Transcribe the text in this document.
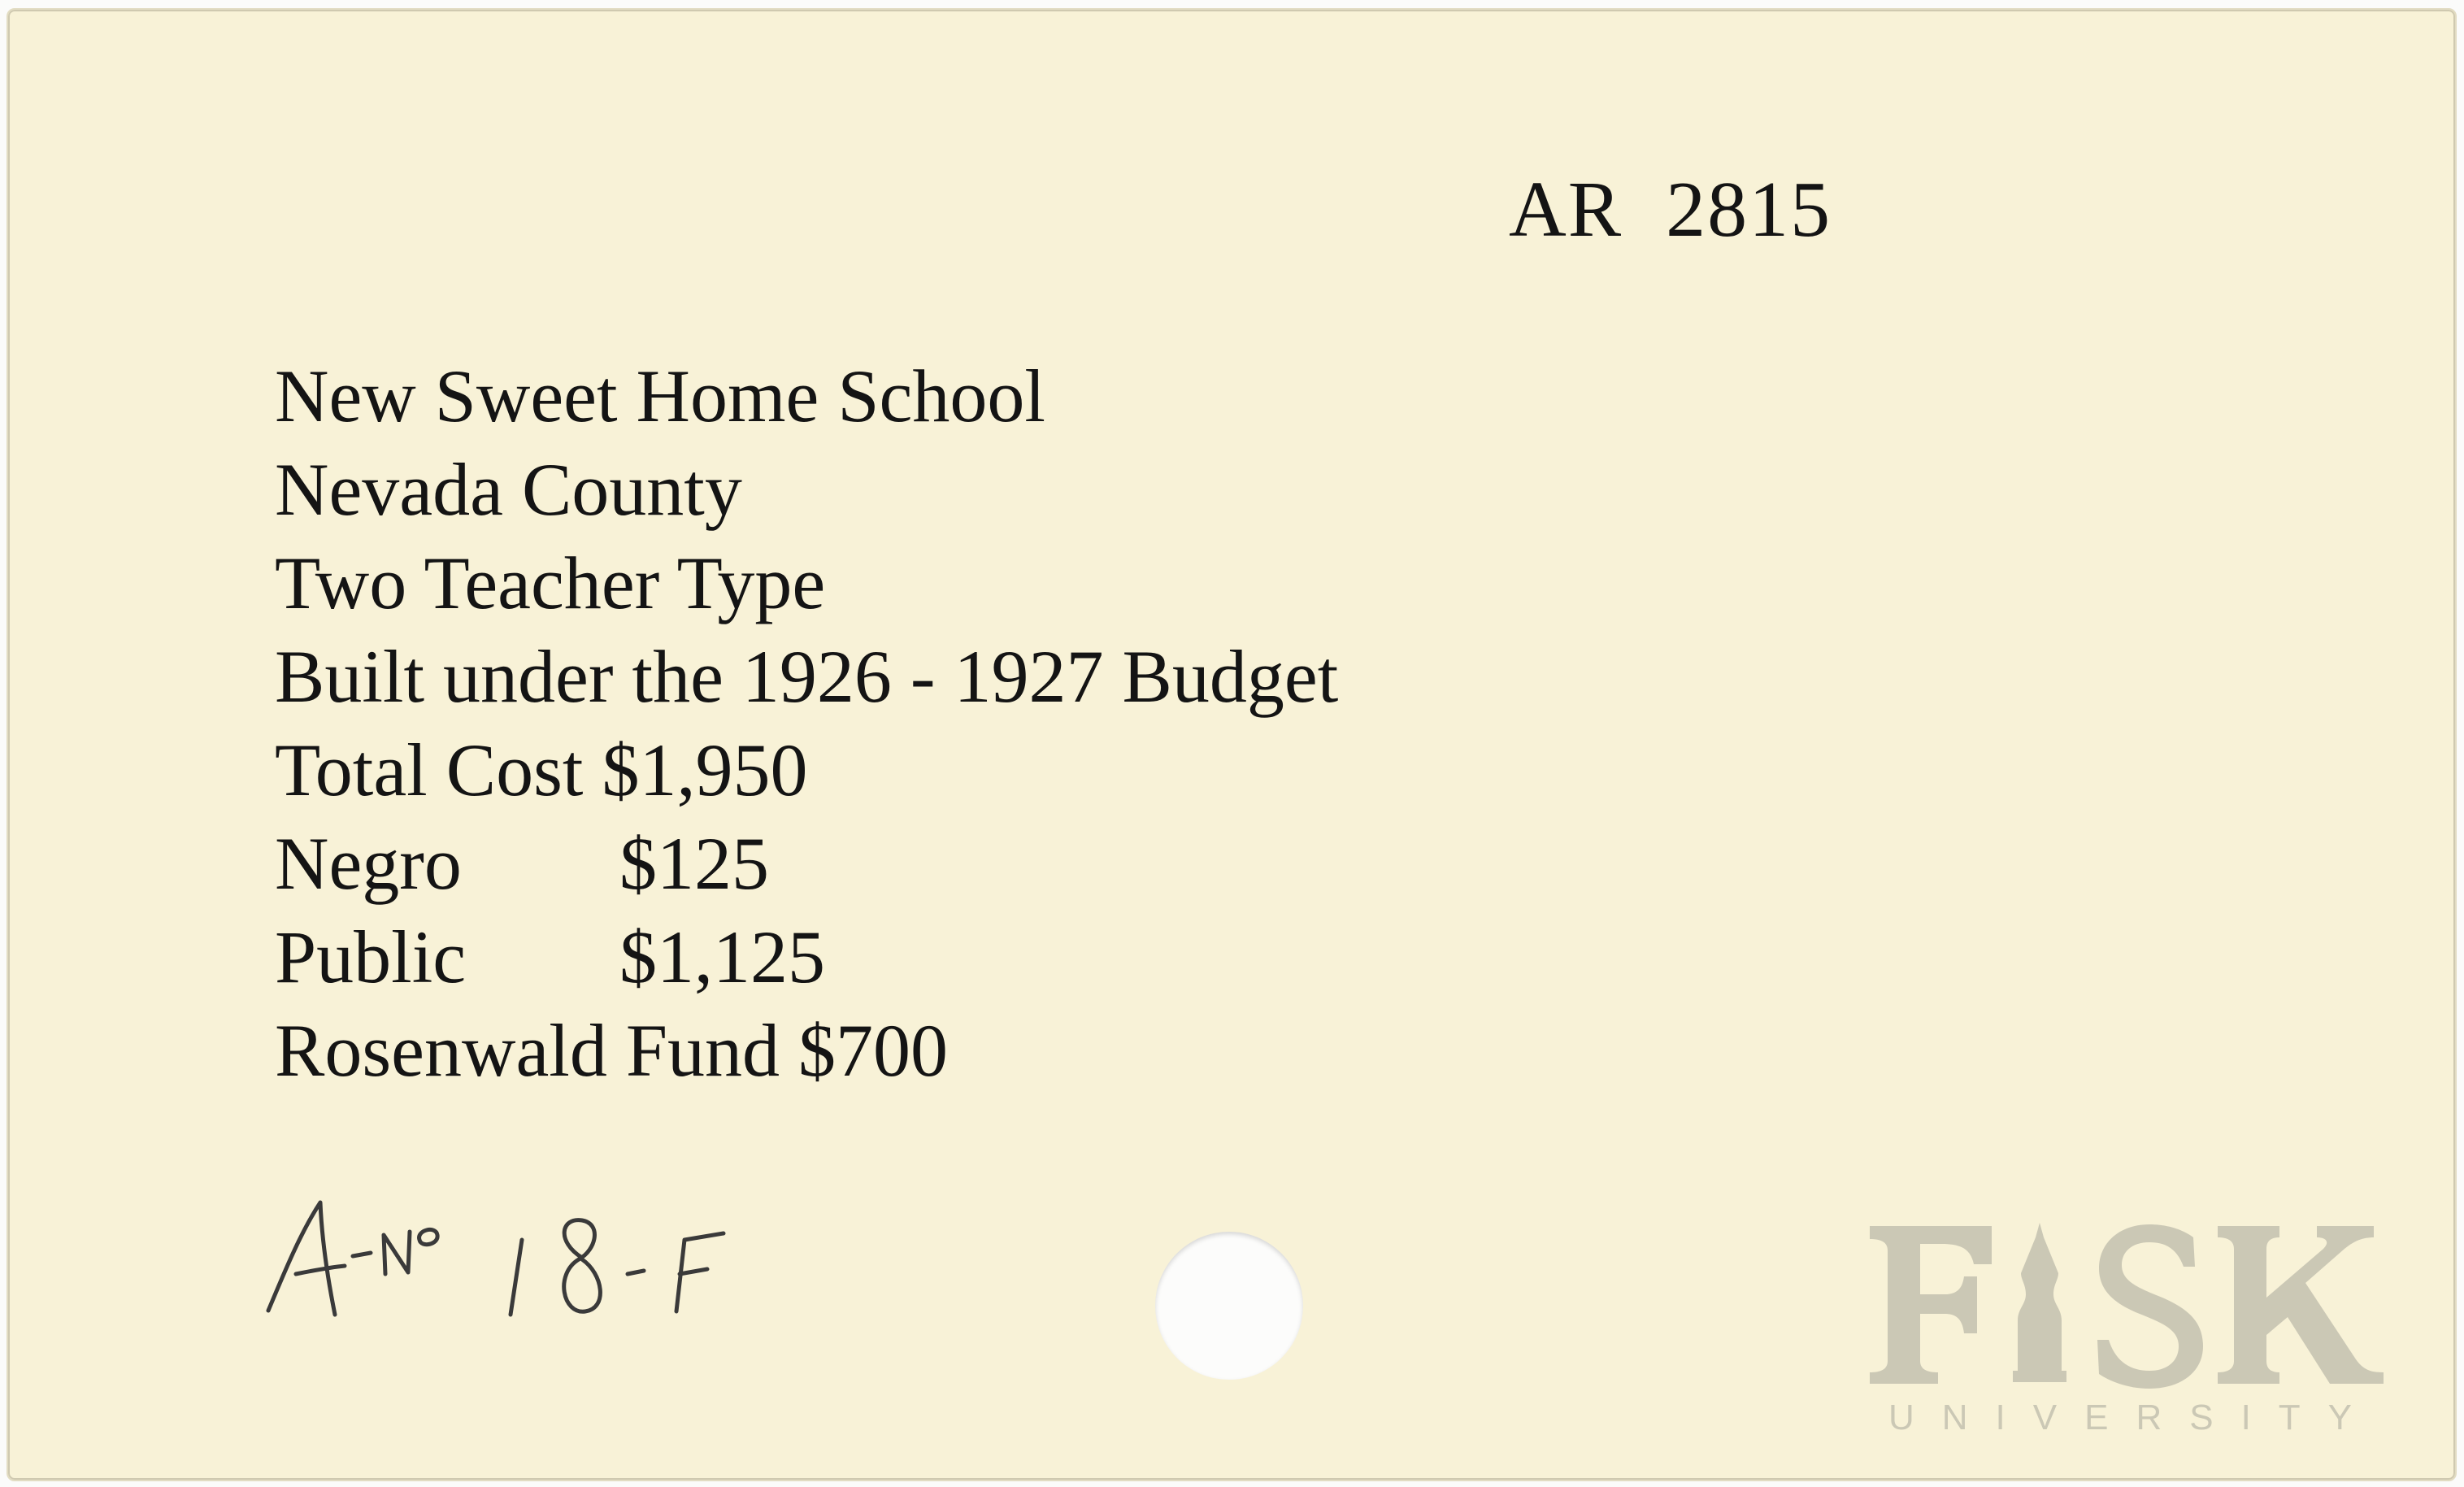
AR  2815
New Sweet Home School
Nevada County
Two Teacher Type
Built under the 1926 - 1927 Budget
Total Cost $1,950
Negro $125
Public $1,125
Rosenwald Fund $700
UNIVERSITY
